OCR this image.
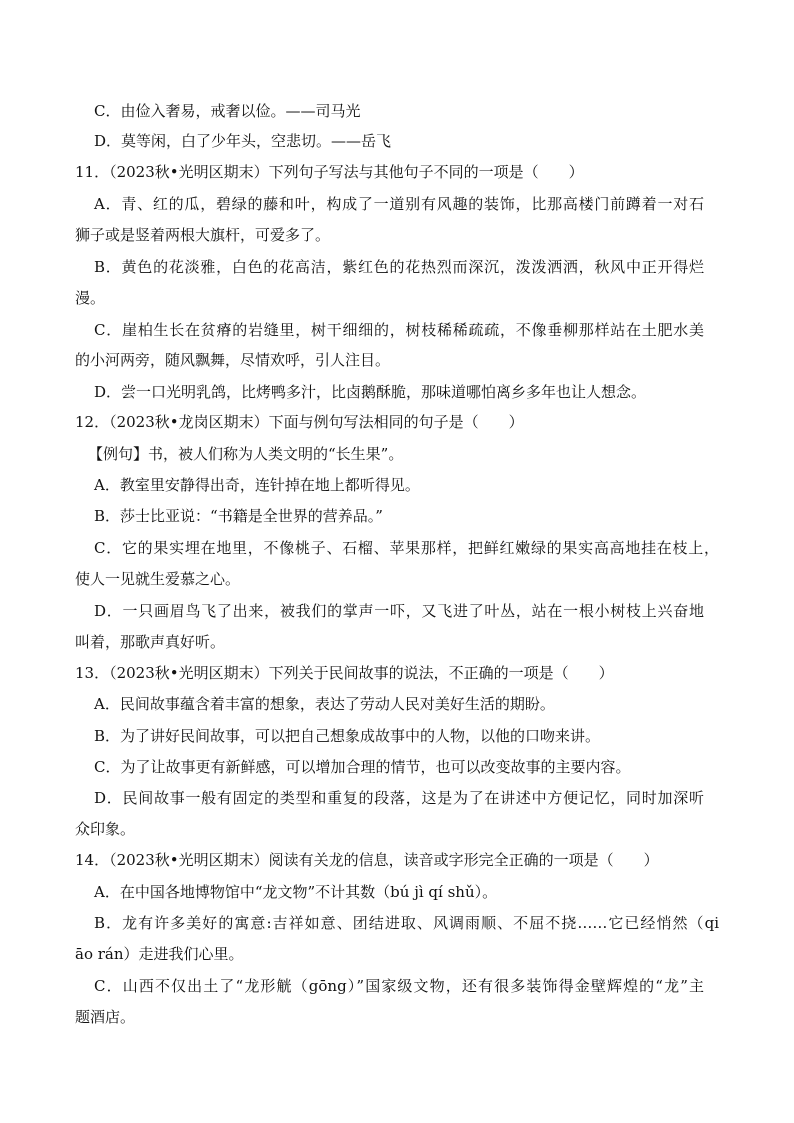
C．由俭入奢易，戒奢以俭。——司马光
D．莫等闲，白了少年头，空悲切。——岳飞
11．（2023秋•光明区期末）下列句子写法与其他句子不同的一项是（　　）
A．青、红的瓜，碧绿的藤和叶，构成了一道别有风趣的装饰，比那高楼门前蹲着一对石
狮子或是竖着两根大旗杆，可爱多了。
B．黄色的花淡雅，白色的花高洁，紫红色的花热烈而深沉，泼泼洒洒，秋风中正开得烂
漫。
C．崖柏生长在贫瘠的岩缝里，树干细细的，树枝稀稀疏疏，不像垂柳那样站在土肥水美
的小河两旁，随风飘舞，尽情欢呼，引人注目。
D．尝一口光明乳鸽，比烤鸭多汁，比卤鹅酥脆，那味道哪怕离乡多年也让人想念。
12．（2023秋•龙岗区期末）下面与例句写法相同的句子是（　　）
【例句】书，被人们称为人类文明的“长生果”。
A．教室里安静得出奇，连针掉在地上都听得见。
B．莎士比亚说：“书籍是全世界的营养品。”
C．它的果实埋在地里，不像桃子、石榴、苹果那样，把鲜红嫩绿的果实高高地挂在枝上，
使人一见就生爱慕之心。
D．一只画眉鸟飞了出来，被我们的掌声一吓，又飞进了叶丛，站在一根小树枝上兴奋地
叫着，那歌声真好听。
13．（2023秋•光明区期末）下列关于民间故事的说法，不正确的一项是（　　）
A．民间故事蕴含着丰富的想象，表达了劳动人民对美好生活的期盼。
B．为了讲好民间故事，可以把自己想象成故事中的人物，以他的口吻来讲。
C．为了让故事更有新鲜感，可以增加合理的情节，也可以改变故事的主要内容。
D．民间故事一般有固定的类型和重复的段落，这是为了在讲述中方便记忆，同时加深听
众印象。
14．（2023秋•光明区期末）阅读有关龙的信息，读音或字形完全正确的一项是（　　）
A．在中国各地博物馆中“龙文物”不计其数（bú jì qí shǔ）。
B．龙有许多美好的寓意:吉祥如意、团结进取、风调雨顺、不屈不挠……它已经悄然（qi
āo rán）走进我们心里。
C．山西不仅出土了“龙形觥（gōng）”国家级文物，还有很多装饰得金壁辉煌的“龙”主
题酒店。
